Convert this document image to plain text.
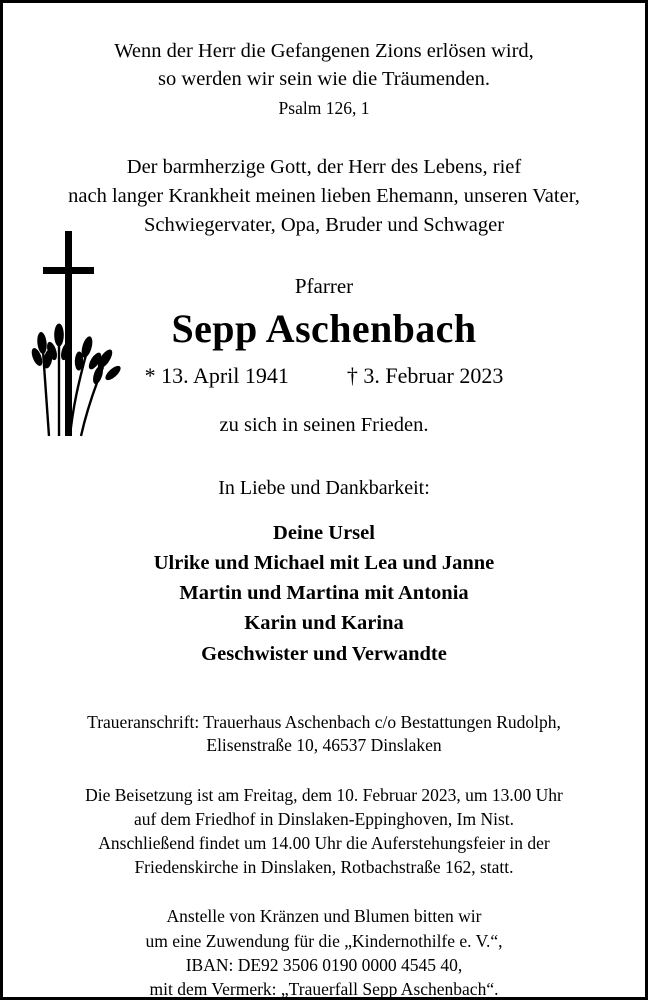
Wenn der Herr die Gefangenen Zions erlösen wird,
so werden wir sein wie die Träumenden.
Psalm 126, 1
Der barmherzige Gott, der Herr des Lebens, rief
nach langer Krankheit meinen lieben Ehemann, unseren Vater,
Schwiegervater, Opa, Bruder und Schwager
Pfarrer
Sepp Aschenbach
* 13. April 1941	† 3. Februar 2023
zu sich in seinen Frieden.
In Liebe und Dankbarkeit:
Deine Ursel
Ulrike und Michael mit Lea und Janne
Martin und Martina mit Antonia
Karin und Karina
Geschwister und Verwandte
Traueranschrift: Trauerhaus Aschenbach c/o Bestattungen Rudolph,
Elisenstraße 10, 46537 Dinslaken
Die Beisetzung ist am Freitag, dem 10. Februar 2023, um 13.00 Uhr
auf dem Friedhof in Dinslaken-Eppinghoven, Im Nist.
Anschließend findet um 14.00 Uhr die Auferstehungsfeier in der
Friedenskirche in Dinslaken, Rotbachstraße 162, statt.
Anstelle von Kränzen und Blumen bitten wir
um eine Zuwendung für die „Kindernothilfe e. V.“,
IBAN: DE92 3506 0190 0000 4545 40,
mit dem Vermerk: „Trauerfall Sepp Aschenbach“.
